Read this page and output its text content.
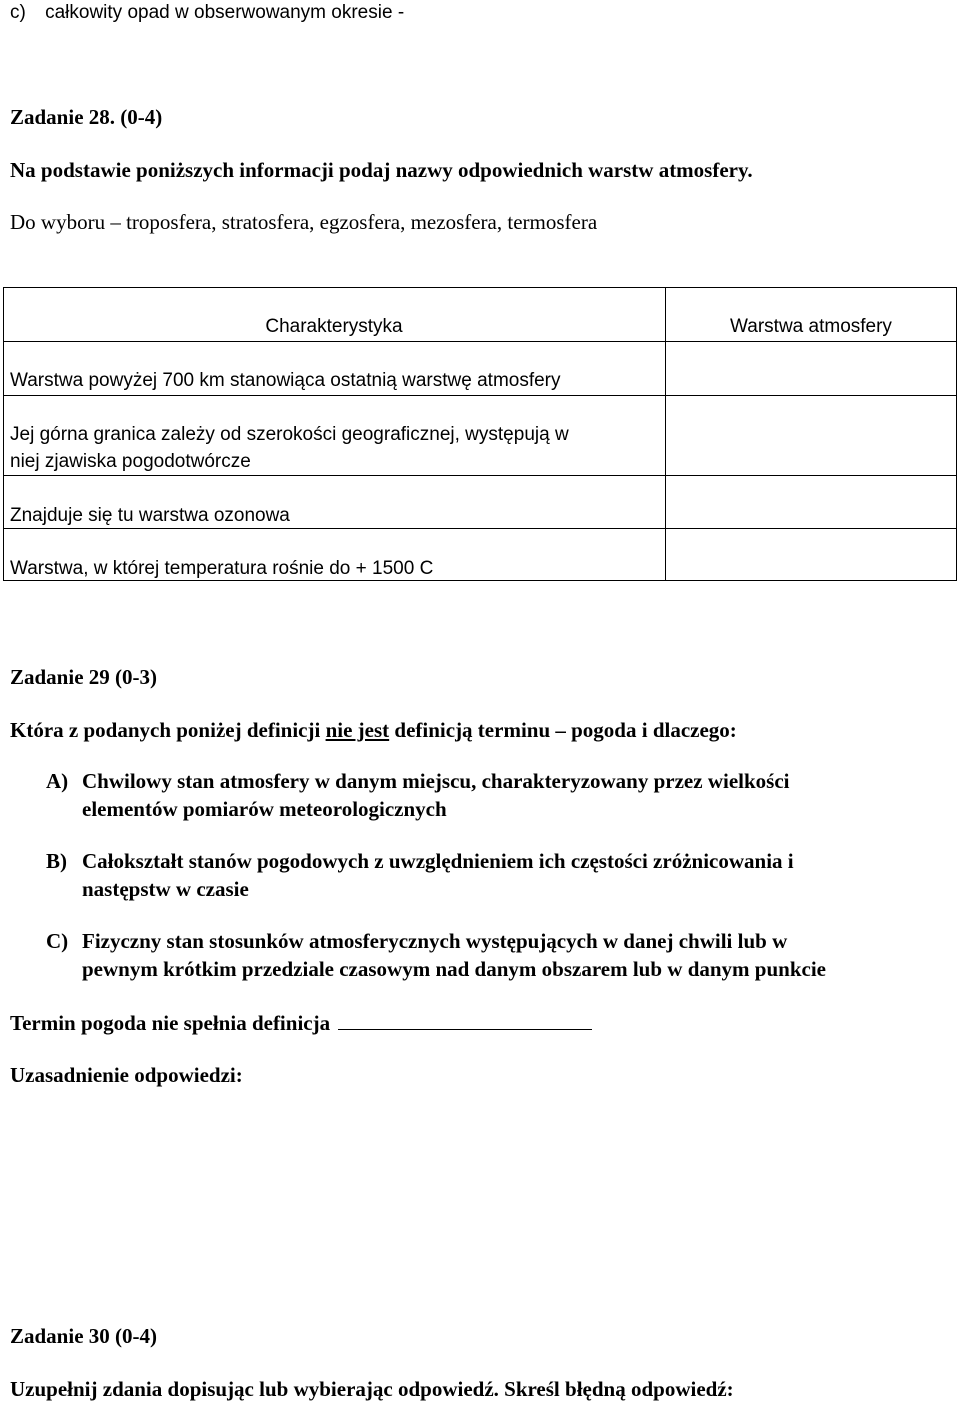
c) całkowity opad w obserwowanym okresie -
Zadanie 28. (0-4)
Na podstawie poniższych informacji podaj nazwy odpowiednich warstw atmosfery.
Do wyboru – troposfera, stratosfera, egzosfera, mezosfera, termosfera
Charakterystyka	Warstwa atmosfery
Warstwa powyżej 700 km stanowiąca ostatnią warstwę atmosfery
Jej górna granica zależy od szerokości geograficznej, występują w
niej zjawiska pogodotwórcze
Znajduje się tu warstwa ozonowa
Warstwa, w której temperatura rośnie do + 1500 C
Zadanie 29 (0-3)
Która z podanych poniżej definicji nie jest definicją terminu – pogoda i dlaczego:
A) Chwilowy stan atmosfery w danym miejscu, charakteryzowany przez wielkości
elementów pomiarów meteorologicznych
B) Całokształt stanów pogodowych z uwzględnieniem ich częstości zróżnicowania i
następstw w czasie
C) Fizyczny stan stosunków atmosferycznych występujących w danej chwili lub w
pewnym krótkim przedziale czasowym nad danym obszarem lub w danym punkcie
Termin pogoda nie spełnia definicja
Uzasadnienie odpowiedzi:
Zadanie 30 (0-4)
Uzupełnij zdania dopisując lub wybierając odpowiedź. Skreśl błędną odpowiedź:
